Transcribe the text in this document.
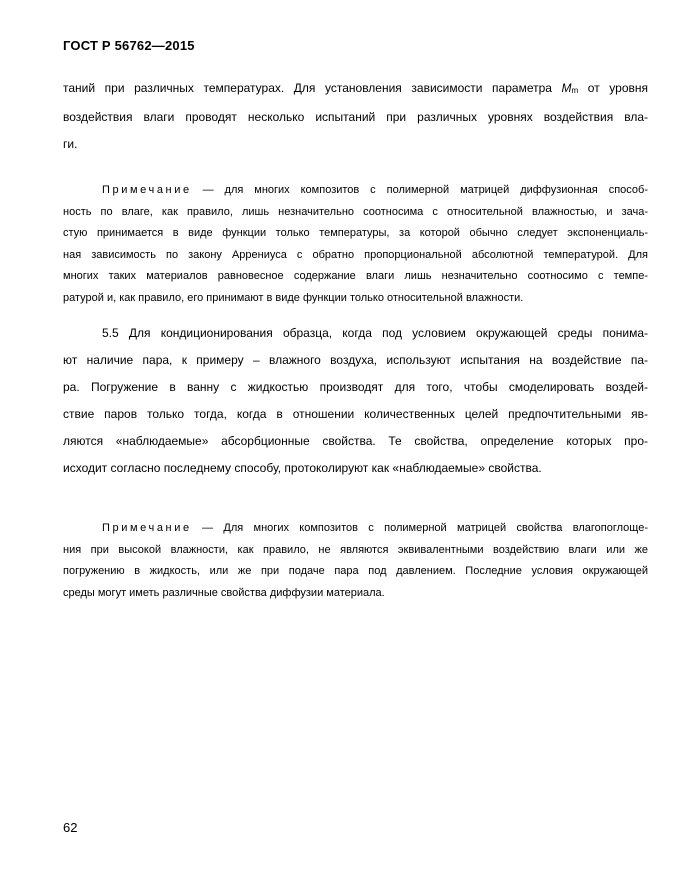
ГОСТ Р 56762—2015
таний при различных температурах. Для установления зависимости параметра Mm от уровня
воздействия влаги проводят несколько испытаний при различных уровнях воздействия вла-
ги.
Примечание — для многих композитов с полимерной матрицей диффузионная способ-
ность по влаге, как правило, лишь незначительно соотносима с относительной влажностью, и зача-
стую принимается в виде функции только температуры, за которой обычно следует экспоненциаль-
ная зависимость по закону Аррениуса с обратно пропорциональной абсолютной температурой. Для
многих таких материалов равновесное содержание влаги лишь незначительно соотносимо с темпе-
ратурой и, как правило, его принимают в виде функции только относительной влажности.
5.5 Для кондиционирования образца, когда под условием окружающей среды понима-
ют наличие пара, к примеру – влажного воздуха, используют испытания на воздействие па-
ра. Погружение в ванну с жидкостью производят для того, чтобы смоделировать воздей-
ствие паров только тогда, когда в отношении количественных целей предпочтительными яв-
ляются «наблюдаемые» абсорбционные свойства. Те свойства, определение которых про-
исходит согласно последнему способу, протоколируют как «наблюдаемые» свойства.
Примечание — Для многих композитов с полимерной матрицей свойства влагопоглоще-
ния при высокой влажности, как правило, не являются эквивалентными воздействию влаги или же
погружению в жидкость, или же при подаче пара под давлением. Последние условия окружающей
среды могут иметь различные свойства диффузии материала.
62
